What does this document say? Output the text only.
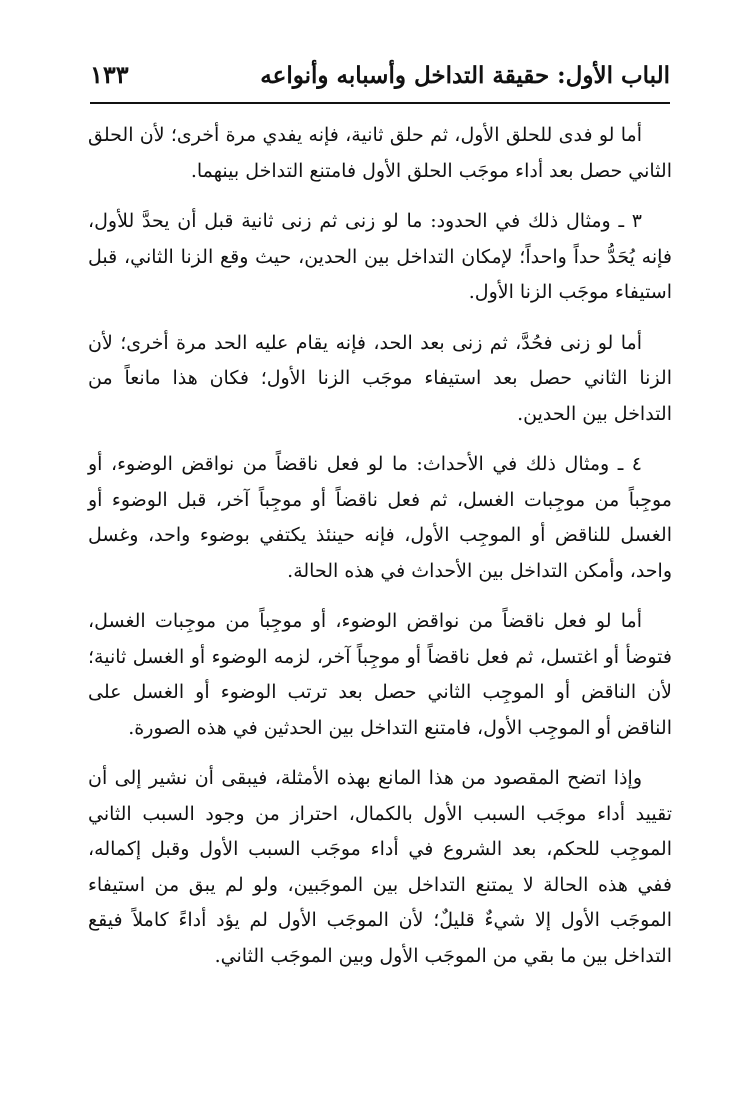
الباب الأول: حقيقة التداخل وأسبابه وأنواعه
١٣٣

أما لو فدى للحلق الأول، ثم حلق ثانية، فإنه يفدي مرة أخرى؛ لأن الحلق الثاني حصل بعد أداء موجَب الحلق الأول فامتنع التداخل بينهما.

٣ ـ ومثال ذلك في الحدود: ما لو زنى ثم زنى ثانية قبل أن يحدَّ للأول، فإنه يُحَدُّ حداً واحداً؛ لإمكان التداخل بين الحدين، حيث وقع الزنا الثاني، قبل استيفاء موجَب الزنا الأول.

أما لو زنى فحُدَّ، ثم زنى بعد الحد، فإنه يقام عليه الحد مرة أخرى؛ لأن الزنا الثاني حصل بعد استيفاء موجَب الزنا الأول؛ فكان هذا مانعاً من التداخل بين الحدين.

٤ ـ ومثال ذلك في الأحداث: ما لو فعل ناقضاً من نواقض الوضوء، أو موجِباً من موجِبات الغسل، ثم فعل ناقضاً أو موجِباً آخر، قبل الوضوء أو الغسل للناقض أو الموجِب الأول، فإنه حينئذ يكتفي بوضوء واحد، وغسل واحد، وأمكن التداخل بين الأحداث في هذه الحالة.

أما لو فعل ناقضاً من نواقض الوضوء، أو موجِباً من موجِبات الغسل، فتوضأ أو اغتسل، ثم فعل ناقضاً أو موجِباً آخر، لزمه الوضوء أو الغسل ثانية؛ لأن الناقض أو الموجِب الثاني حصل بعد ترتب الوضوء أو الغسل على الناقض أو الموجِب الأول، فامتنع التداخل بين الحدثين في هذه الصورة.

وإذا اتضح المقصود من هذا المانع بهذه الأمثلة، فيبقى أن نشير إلى أن تقييد أداء موجَب السبب الأول بالكمال، احتراز من وجود السبب الثاني الموجِب للحكم، بعد الشروع في أداء موجَب السبب الأول وقبل إكماله، ففي هذه الحالة لا يمتنع التداخل بين الموجَبين، ولو لم يبق من استيفاء الموجَب الأول إلا شيءٌ قليلٌ؛ لأن الموجَب الأول لم يؤد أداءً كاملاً فيقع التداخل بين ما بقي من الموجَب الأول وبين الموجَب الثاني.
